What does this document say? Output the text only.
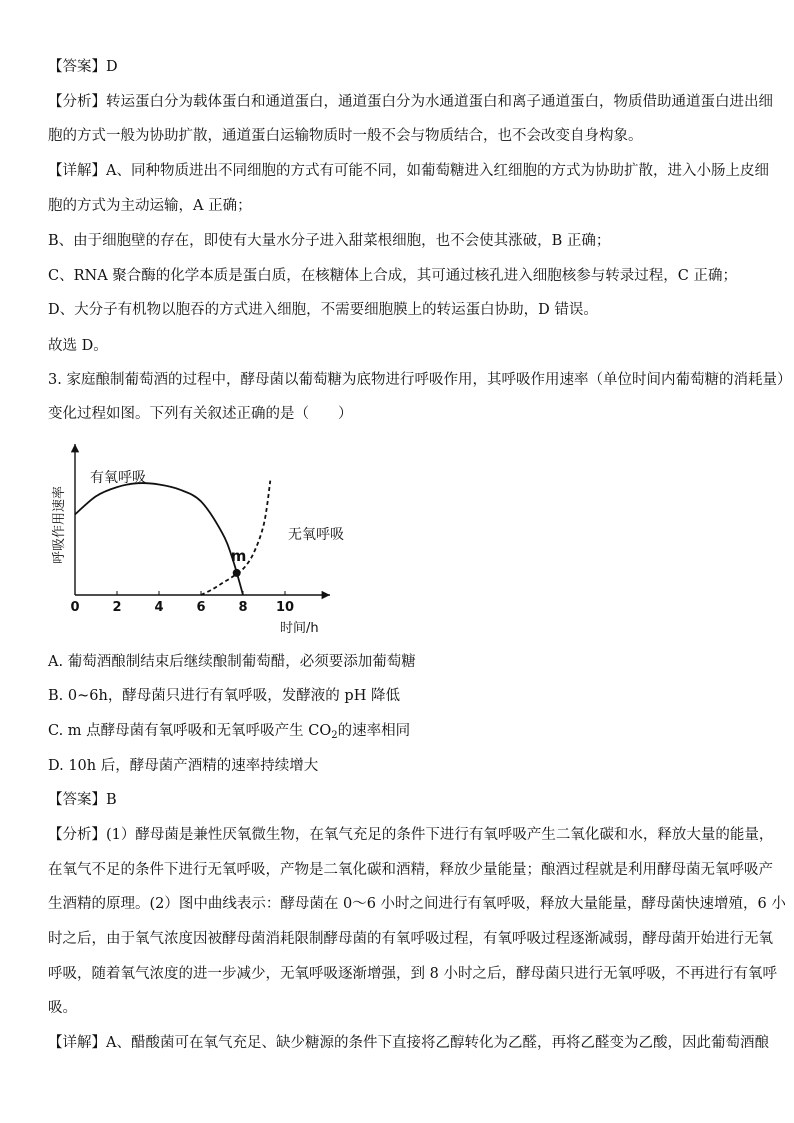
【答案】D
【分析】转运蛋白分为载体蛋白和通道蛋白，通道蛋白分为水通道蛋白和离子通道蛋白，物质借助通道蛋白进出细
胞的方式一般为协助扩散，通道蛋白运输物质时一般不会与物质结合，也不会改变自身构象。
【详解】A、同种物质进出不同细胞的方式有可能不同，如葡萄糖进入红细胞的方式为协助扩散，进入小肠上皮细
胞的方式为主动运输，A 正确；
B、由于细胞壁的存在，即使有大量水分子进入甜菜根细胞，也不会使其涨破，B 正确；
C、RNA 聚合酶的化学本质是蛋白质，在核糖体上合成，其可通过核孔进入细胞核参与转录过程，C 正确；
D、大分子有机物以胞吞的方式进入细胞，不需要细胞膜上的转运蛋白协助，D 错误。
故选 D。
3. 家庭酿制葡萄酒的过程中，酵母菌以葡萄糖为底物进行呼吸作用，其呼吸作用速率（单位时间内葡萄糖的消耗量）
变化过程如图。下列有关叙述正确的是（　　）
呼吸作用速率
时间/h
0	2	4	6	8 10
有氧呼吸
无氧呼吸
m
A. 葡萄酒酿制结束后继续酿制葡萄醋，必须要添加葡萄糖
B. 0~6h，酵母菌只进行有氧呼吸，发酵液的 pH 降低
C. m 点酵母菌有氧呼吸和无氧呼吸产生 $CO_2$的速率相同
D. 10h 后，酵母菌产酒精的速率持续增大
【答案】B
【分析】(1）酵母菌是兼性厌氧微生物，在氧气充足的条件下进行有氧呼吸产生二氧化碳和水，释放大量的能量，
在氧气不足的条件下进行无氧呼吸，产物是二氧化碳和酒精，释放少量能量；酿酒过程就是利用酵母菌无氧呼吸产
生酒精的原理。(2）图中曲线表示：酵母菌在 0～6 小时之间进行有氧呼吸，释放大量能量，酵母菌快速增殖，6 小
时之后，由于氧气浓度因被酵母菌消耗限制酵母菌的有氧呼吸过程，有氧呼吸过程逐渐减弱，酵母菌开始进行无氧
呼吸，随着氧气浓度的进一步减少，无氧呼吸逐渐增强，到 8 小时之后，酵母菌只进行无氧呼吸，不再进行有氧呼
吸。
【详解】A、醋酸菌可在氧气充足、缺少糖源的条件下直接将乙醇转化为乙醛，再将乙醛变为乙酸，因此葡萄酒酿
